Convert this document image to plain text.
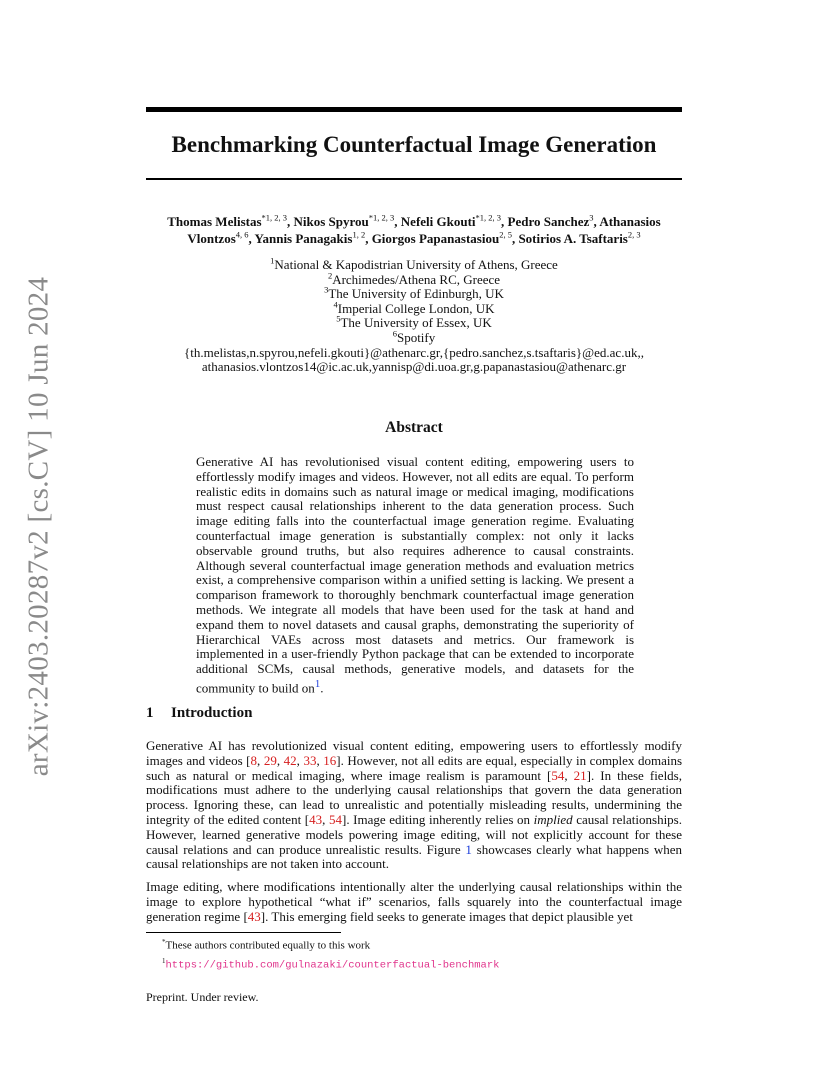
arXiv:2403.20287v2 [cs.CV] 10 Jun 2024
Benchmarking Counterfactual Image Generation
Thomas Melistas$^{*1, 2, 3}$, Nikos Spyrou$^{*1, 2, 3}$, Nefeli Gkouti$^{*1, 2, 3}$, Pedro Sanchez$^3$, Athanasios Vlontzos$^{4, 6}$, Yannis Panagakis$^{1, 2}$, Giorgos Papanastasiou$^{2, 5}$, Sotirios A. Tsaftaris$^{2, 3}$
$^1$National & Kapodistrian University of Athens, Greece
$^2$Archimedes/Athena RC, Greece
$^3$The University of Edinburgh, UK
$^4$Imperial College London, UK
$^5$The University of Essex, UK
$^6$Spotify
{th.melistas,n.spyrou,nefeli.gkouti}@athenarc.gr,{pedro.sanchez,s.tsaftaris}@ed.ac.uk,,
athanasios.vlontzos14@ic.ac.uk,yannisp@di.uoa.gr,g.papanastasiou@athenarc.gr
Abstract
Generative AI has revolutionised visual content editing, empowering users to effortlessly modify images and videos. However, not all edits are equal. To perform realistic edits in domains such as natural image or medical imaging, modifications must respect causal relationships inherent to the data generation process. Such image editing falls into the counterfactual image generation regime. Evaluating counterfactual image generation is substantially complex: not only it lacks observable ground truths, but also requires adherence to causal constraints. Although several counterfactual image generation methods and evaluation metrics exist, a comprehensive comparison within a unified setting is lacking. We present a comparison framework to thoroughly benchmark counterfactual image generation methods. We integrate all models that have been used for the task at hand and expand them to novel datasets and causal graphs, demonstrating the superiority of Hierarchical VAEs across most datasets and metrics. Our framework is implemented in a user-friendly Python package that can be extended to incorporate additional SCMs, causal methods, generative models, and datasets for the community to build $on^1$.
1 Introduction
Generative AI has revolutionized visual content editing, empowering users to effortlessly modify images and videos [8, 29, 42, 33, 16]. However, not all edits are equal, especially in complex domains such as natural or medical imaging, where image realism is paramount [54, 21]. In these fields, modifications must adhere to the underlying causal relationships that govern the data generation process. Ignoring these, can lead to unrealistic and potentially misleading results, undermining the integrity of the edited content [43, 54]. Image editing inherently relies on implied causal relationships. However, learned generative models powering image editing, will not explicitly account for these causal relations and can produce unrealistic results. Figure 1 showcases clearly what happens when causal relationships are not taken into account.
Image editing, where modifications intentionally alter the underlying causal relationships within the image to explore hypothetical “what if” scenarios, falls squarely into the counterfactual image generation regime [43]. This emerging field seeks to generate images that depict plausible yet
*These authors contributed equally to this work
$^1$https://github.com/gulnazaki/counterfactual-benchmark
Preprint. Under review.
